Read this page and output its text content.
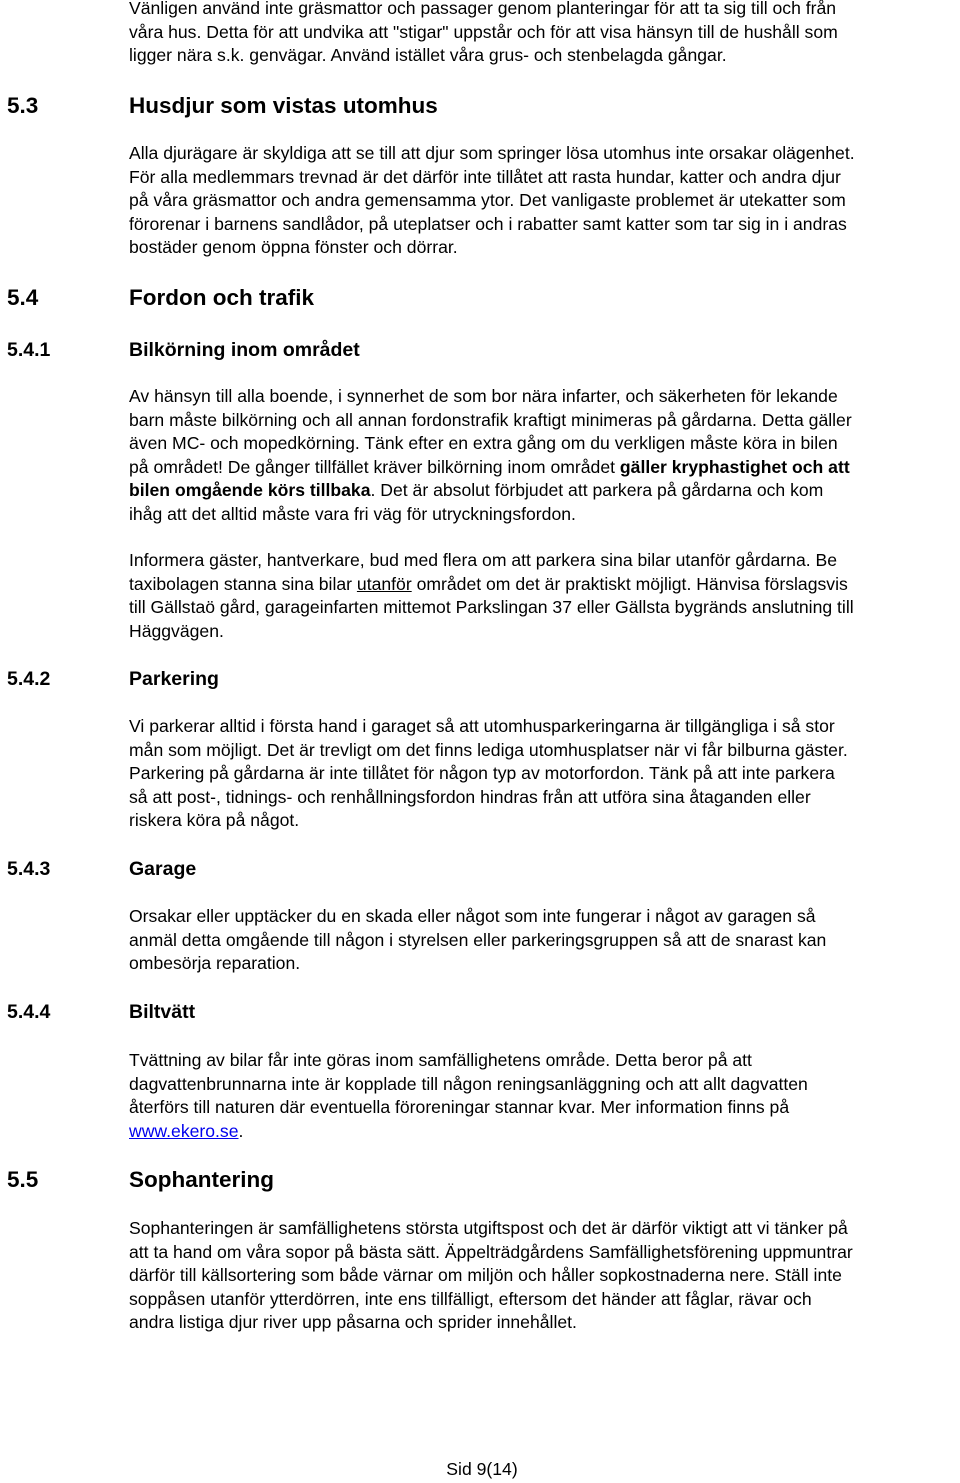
Vänligen använd inte gräsmattor och passager genom planteringar för att ta sig till och från
våra hus. Detta för att undvika att "stigar" uppstår och för att visa hänsyn till de hushåll som
ligger nära s.k. genvägar. Använd istället våra grus- och stenbelagda gångar.
5.3	Husdjur som vistas utomhus
Alla djurägare är skyldiga att se till att djur som springer lösa utomhus inte orsakar olägenhet.
För alla medlemmars trevnad är det därför inte tillåtet att rasta hundar, katter och andra djur
på våra gräsmattor och andra gemensamma ytor. Det vanligaste problemet är utekatter som
förorenar i barnens sandlådor, på uteplatser och i rabatter samt katter som tar sig in i andras
bostäder genom öppna fönster och dörrar.
5.4	Fordon och trafik
5.4.1	Bilkörning inom området
Av hänsyn till alla boende, i synnerhet de som bor nära infarter, och säkerheten för lekande
barn måste bilkörning och all annan fordonstrafik kraftigt minimeras på gårdarna. Detta gäller
även MC- och mopedkörning. Tänk efter en extra gång om du verkligen måste köra in bilen
på området! De gånger tillfället kräver bilkörning inom området gäller kryphastighet och att
bilen omgående körs tillbaka. Det är absolut förbjudet att parkera på gårdarna och kom
ihåg att det alltid måste vara fri väg för utryckningsfordon.
Informera gäster, hantverkare, bud med flera om att parkera sina bilar utanför gårdarna. Be
taxibolagen stanna sina bilar utanför området om det är praktiskt möjligt. Hänvisa förslagsvis
till Gällstaö gård, garageinfarten mittemot Parkslingan 37 eller Gällsta bygränds anslutning till
Häggvägen.
5.4.2	Parkering
Vi parkerar alltid i första hand i garaget så att utomhusparkeringarna är tillgängliga i så stor
mån som möjligt. Det är trevligt om det finns lediga utomhusplatser när vi får bilburna gäster.
Parkering på gårdarna är inte tillåtet för någon typ av motorfordon. Tänk på att inte parkera
så att post-, tidnings- och renhållningsfordon hindras från att utföra sina åtaganden eller
riskera köra på något.
5.4.3	Garage
Orsakar eller upptäcker du en skada eller något som inte fungerar i något av garagen så
anmäl detta omgående till någon i styrelsen eller parkeringsgruppen så att de snarast kan
ombesörja reparation.
5.4.4	Biltvätt
Tvättning av bilar får inte göras inom samfällighetens område. Detta beror på att
dagvattenbrunnarna inte är kopplade till någon reningsanläggning och att allt dagvatten
återförs till naturen där eventuella föroreningar stannar kvar. Mer information finns på
www.ekero.se.
5.5	Sophantering
Sophanteringen är samfällighetens största utgiftspost och det är därför viktigt att vi tänker på
att ta hand om våra sopor på bästa sätt. Äppelträdgårdens Samfällighetsförening uppmuntrar
därför till källsortering som både värnar om miljön och håller sopkostnaderna nere. Ställ inte
soppåsen utanför ytterdörren, inte ens tillfälligt, eftersom det händer att fåglar, rävar och
andra listiga djur river upp påsarna och sprider innehållet.
Sid 9(14)
